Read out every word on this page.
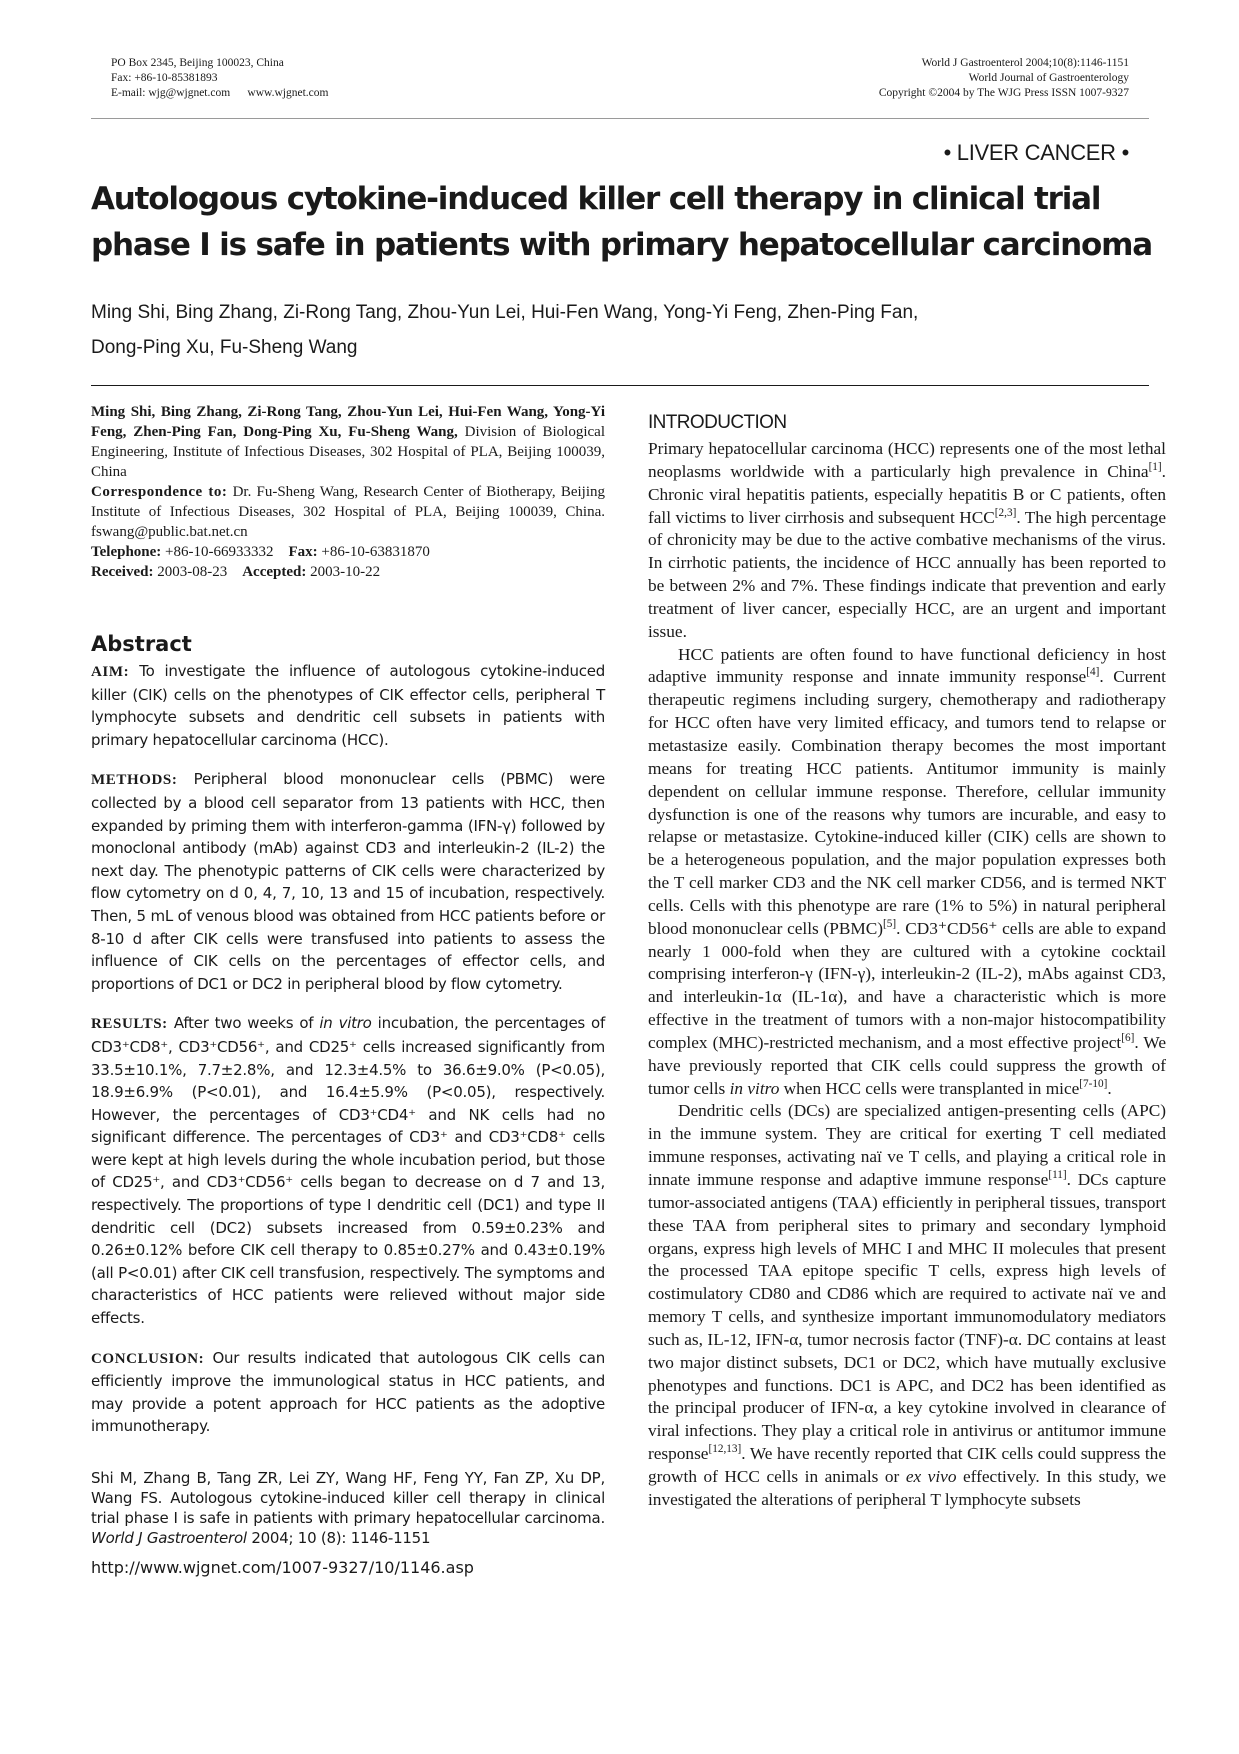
PO Box 2345, Beijing 100023, China
Fax: +86-10-85381893
E-mail: wjg@wjgnet.com      www.wjgnet.com
World J Gastroenterol 2004;10(8):1146-1151
World Journal of Gastroenterology
Copyright ©2004 by The WJG Press ISSN 1007-9327
• LIVER CANCER •
Autologous cytokine-induced killer cell therapy in clinical trial phase I is safe in patients with primary hepatocellular carcinoma
Ming Shi, Bing Zhang, Zi-Rong Tang, Zhou-Yun Lei, Hui-Fen Wang, Yong-Yi Feng, Zhen-Ping Fan,
Dong-Ping Xu, Fu-Sheng Wang
Ming Shi, Bing Zhang, Zi-Rong Tang, Zhou-Yun Lei, Hui-Fen Wang, Yong-Yi Feng, Zhen-Ping Fan, Dong-Ping Xu, Fu-Sheng Wang, Division of Biological Engineering, Institute of Infectious Diseases, 302 Hospital of PLA, Beijing 100039, China
Correspondence to: Dr. Fu-Sheng Wang, Research Center of Biotherapy, Beijing Institute of Infectious Diseases, 302 Hospital of PLA, Beijing 100039, China. fswang@public.bat.net.cn
Telephone: +86-10-66933332 Fax: +86-10-63831870
Received: 2003-08-23 Accepted: 2003-10-22
Abstract

AIM: To investigate the influence of autologous cytokine-induced killer (CIK) cells on the phenotypes of CIK effector cells, peripheral T lymphocyte subsets and dendritic cell subsets in patients with primary hepatocellular carcinoma (HCC).

METHODS: Peripheral blood mononuclear cells (PBMC) were collected by a blood cell separator from 13 patients with HCC, then expanded by priming them with interferon-gamma (IFN-γ) followed by monoclonal antibody (mAb) against CD3 and interleukin-2 (IL-2) the next day. The phenotypic patterns of CIK cells were characterized by flow cytometry on d 0, 4, 7, 10, 13 and 15 of incubation, respectively. Then, 5 mL of venous blood was obtained from HCC patients before or 8-10 d after CIK cells were transfused into patients to assess the influence of CIK cells on the percentages of effector cells, and proportions of DC1 or DC2 in peripheral blood by flow cytometry.

RESULTS: After two weeks of in vitro incubation, the percentages of CD3⁺CD8⁺, CD3⁺CD56⁺, and CD25⁺ cells increased significantly from 33.5±10.1%, 7.7±2.8%, and 12.3±4.5% to 36.6±9.0% (P<0.05), 18.9±6.9% (P<0.01), and 16.4±5.9% (P<0.05), respectively. However, the percentages of CD3⁺CD4⁺ and NK cells had no significant difference. The percentages of CD3⁺ and CD3⁺CD8⁺ cells were kept at high levels during the whole incubation period, but those of CD25⁺, and CD3⁺CD56⁺ cells began to decrease on d 7 and 13, respectively. The proportions of type I dendritic cell (DC1) and type II dendritic cell (DC2) subsets increased from 0.59±0.23% and 0.26±0.12% before CIK cell therapy to 0.85±0.27% and 0.43±0.19% (all P<0.01) after CIK cell transfusion, respectively. The symptoms and characteristics of HCC patients were relieved without major side effects.

CONCLUSION: Our results indicated that autologous CIK cells can efficiently improve the immunological status in HCC patients, and may provide a potent approach for HCC patients as the adoptive immunotherapy.

Shi M, Zhang B, Tang ZR, Lei ZY, Wang HF, Feng YY, Fan ZP, Xu DP, Wang FS. Autologous cytokine-induced killer cell therapy in clinical trial phase I is safe in patients with primary hepatocellular carcinoma. World J Gastroenterol 2004; 10 (8): 1146-1151
http://www.wjgnet.com/1007-9327/10/1146.asp
INTRODUCTION

Primary hepatocellular carcinoma (HCC) represents one of the most lethal neoplasms worldwide with a particularly high prevalence in China[1]. Chronic viral hepatitis patients, especially hepatitis B or C patients, often fall victims to liver cirrhosis and subsequent HCC[2,3]. The high percentage of chronicity may be due to the active combative mechanisms of the virus. In cirrhotic patients, the incidence of HCC annually has been reported to be between 2% and 7%. These findings indicate that prevention and early treatment of liver cancer, especially HCC, are an urgent and important issue.

HCC patients are often found to have functional deficiency in host adaptive immunity response and innate immunity response[4]. Current therapeutic regimens including surgery, chemotherapy and radiotherapy for HCC often have very limited efficacy, and tumors tend to relapse or metastasize easily. Combination therapy becomes the most important means for treating HCC patients. Antitumor immunity is mainly dependent on cellular immune response. Therefore, cellular immunity dysfunction is one of the reasons why tumors are incurable, and easy to relapse or metastasize. Cytokine-induced killer (CIK) cells are shown to be a heterogeneous population, and the major population expresses both the T cell marker CD3 and the NK cell marker CD56, and is termed NKT cells. Cells with this phenotype are rare (1% to 5%) in natural peripheral blood mononuclear cells (PBMC)[5]. CD3⁺CD56⁺ cells are able to expand nearly 1 000-fold when they are cultured with a cytokine cocktail comprising interferon-γ (IFN-γ), interleukin-2 (IL-2), mAbs against CD3, and interleukin-1α (IL-1α), and have a characteristic which is more effective in the treatment of tumors with a non-major histocompatibility complex (MHC)-restricted mechanism, and a most effective project[6]. We have previously reported that CIK cells could suppress the growth of tumor cells in vitro when HCC cells were transplanted in mice[7-10].

Dendritic cells (DCs) are specialized antigen-presenting cells (APC) in the immune system. They are critical for exerting T cell mediated immune responses, activating naï ve T cells, and playing a critical role in innate immune response and adaptive immune response[11]. DCs capture tumor-associated antigens (TAA) efficiently in peripheral tissues, transport these TAA from peripheral sites to primary and secondary lymphoid organs, express high levels of MHC I and MHC II molecules that present the processed TAA epitope specific T cells, express high levels of costimulatory CD80 and CD86 which are required to activate naï ve and memory T cells, and synthesize important immunomodulatory mediators such as, IL-12, IFN-α, tumor necrosis factor (TNF)-α. DC contains at least two major distinct subsets, DC1 or DC2, which have mutually exclusive phenotypes and functions. DC1 is APC, and DC2 has been identified as the principal producer of IFN-α, a key cytokine involved in clearance of viral infections. They play a critical role in antivirus or antitumor immune response[12,13]. We have recently reported that CIK cells could suppress the growth of HCC cells in animals or ex vivo effectively. In this study, we investigated the alterations of peripheral T lymphocyte subsets
